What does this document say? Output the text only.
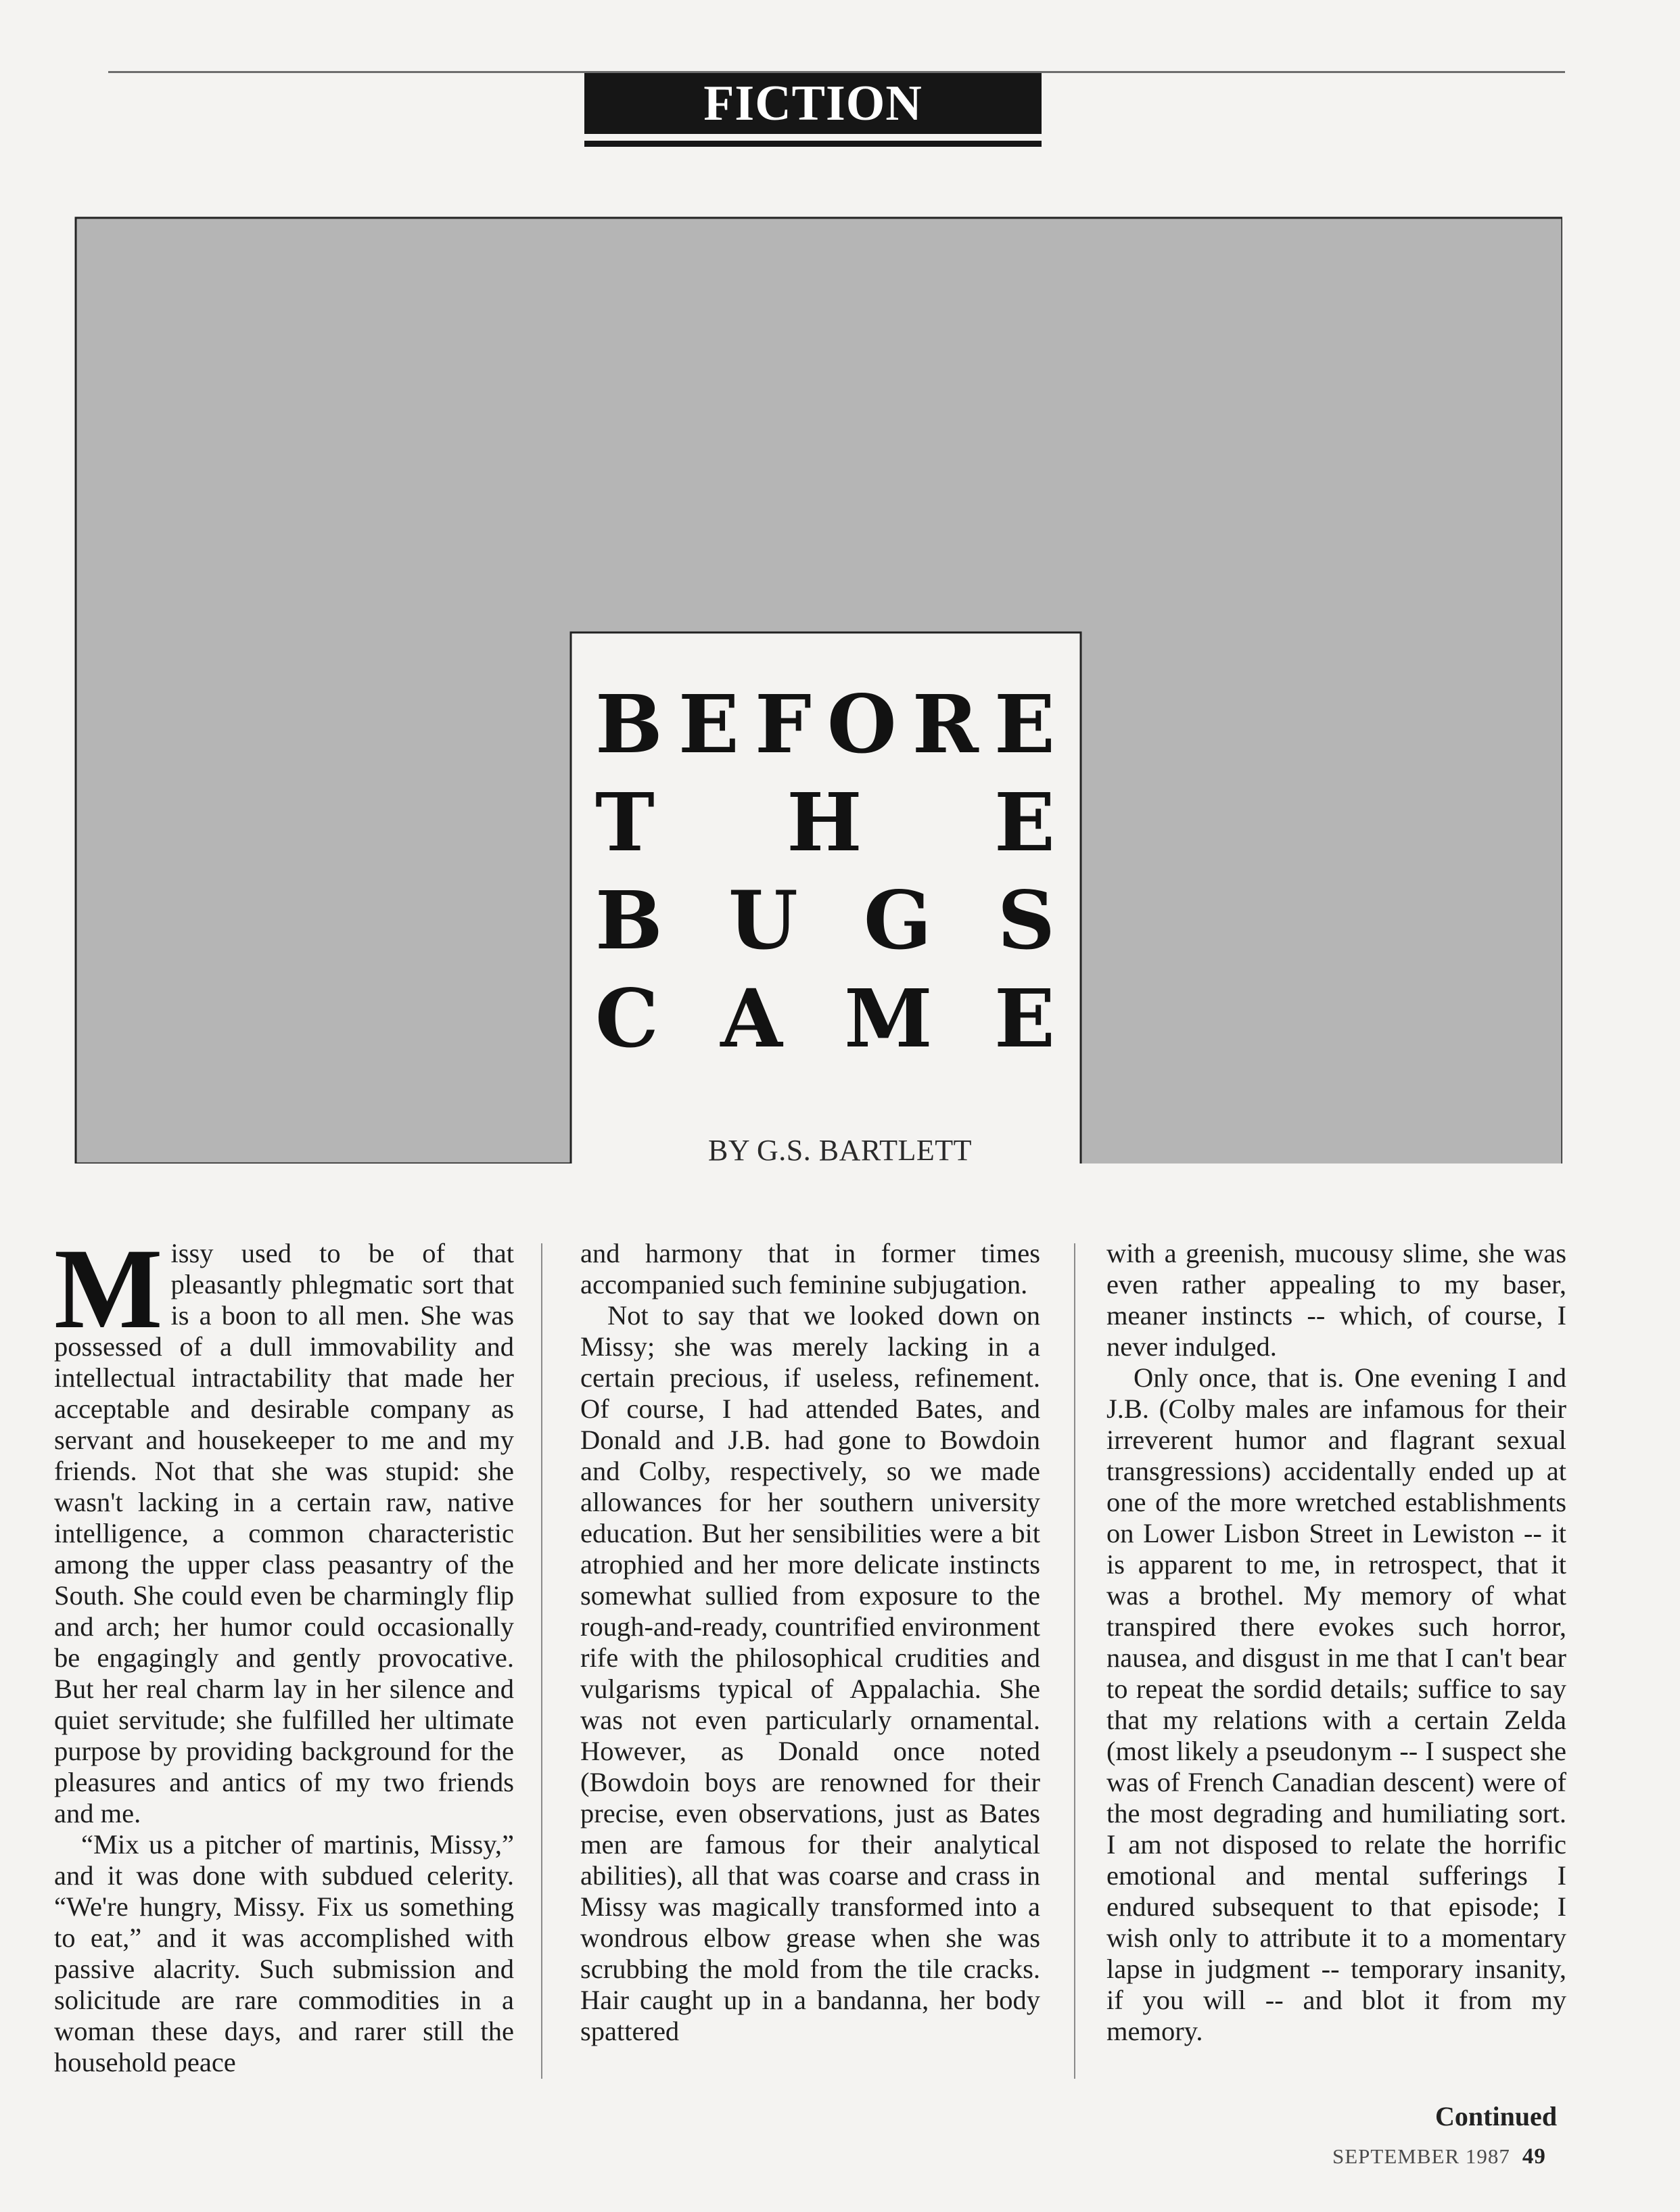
FICTION
B E F O R E
T H E
B U G S
C A M E
BY G.S. BARTLETT

Missy used to be of that pleasantly phlegmatic sort that is a boon to all men. She was possessed of a dull immovability and intellectual intractability that made her acceptable and desirable company as servant and housekeeper to me and my friends. Not that she was stupid: she wasn't lacking in a certain raw, native intelligence, a common characteristic among the upper class peasantry of the South. She could even be charmingly flip and arch; her humor could occasionally be engagingly and gently provocative. But her real charm lay in her silence and quiet servitude; she fulfilled her ultimate purpose by providing background for the pleasures and antics of my two friends and me.

“Mix us a pitcher of martinis, Missy,” and it was done with subdued celerity. “We're hungry, Missy. Fix us something to eat,” and it was accomplished with passive alacrity. Such submission and solicitude are rare commodities in a woman these days, and rarer still the household peace

and harmony that in former times accompanied such feminine subjugation.

Not to say that we looked down on Missy; she was merely lacking in a certain precious, if useless, refinement. Of course, I had attended Bates, and Donald and J.B. had gone to Bowdoin and Colby, respectively, so we made allowances for her southern university education. But her sensibilities were a bit atrophied and her more delicate instincts somewhat sullied from exposure to the rough-and-ready, countrified environment rife with the philosophical crudities and vulgarisms typical of Appalachia. She was not even particularly ornamental. However, as Donald once noted (Bowdoin boys are renowned for their precise, even observations, just as Bates men are famous for their analytical abilities), all that was coarse and crass in Missy was magically transformed into a wondrous elbow grease when she was scrubbing the mold from the tile cracks. Hair caught up in a bandanna, her body spattered

with a greenish, mucousy slime, she was even rather appealing to my baser, meaner instincts -- which, of course, I never indulged.

Only once, that is. One evening I and J.B. (Colby males are infamous for their irreverent humor and flagrant sexual transgressions) accidentally ended up at one of the more wretched establishments on Lower Lisbon Street in Lewiston -- it is apparent to me, in retrospect, that it was a brothel. My memory of what transpired there evokes such horror, nausea, and disgust in me that I can't bear to repeat the sordid details; suffice to say that my relations with a certain Zelda (most likely a pseudonym -- I suspect she was of French Canadian descent) were of the most degrading and humiliating sort. I am not disposed to relate the horrific emotional and mental sufferings I endured subsequent to that episode; I wish only to attribute it to a momentary lapse in judgment -- temporary insanity, if you will -- and blot it from my memory.

Continued
SEPTEMBER 1987 49
